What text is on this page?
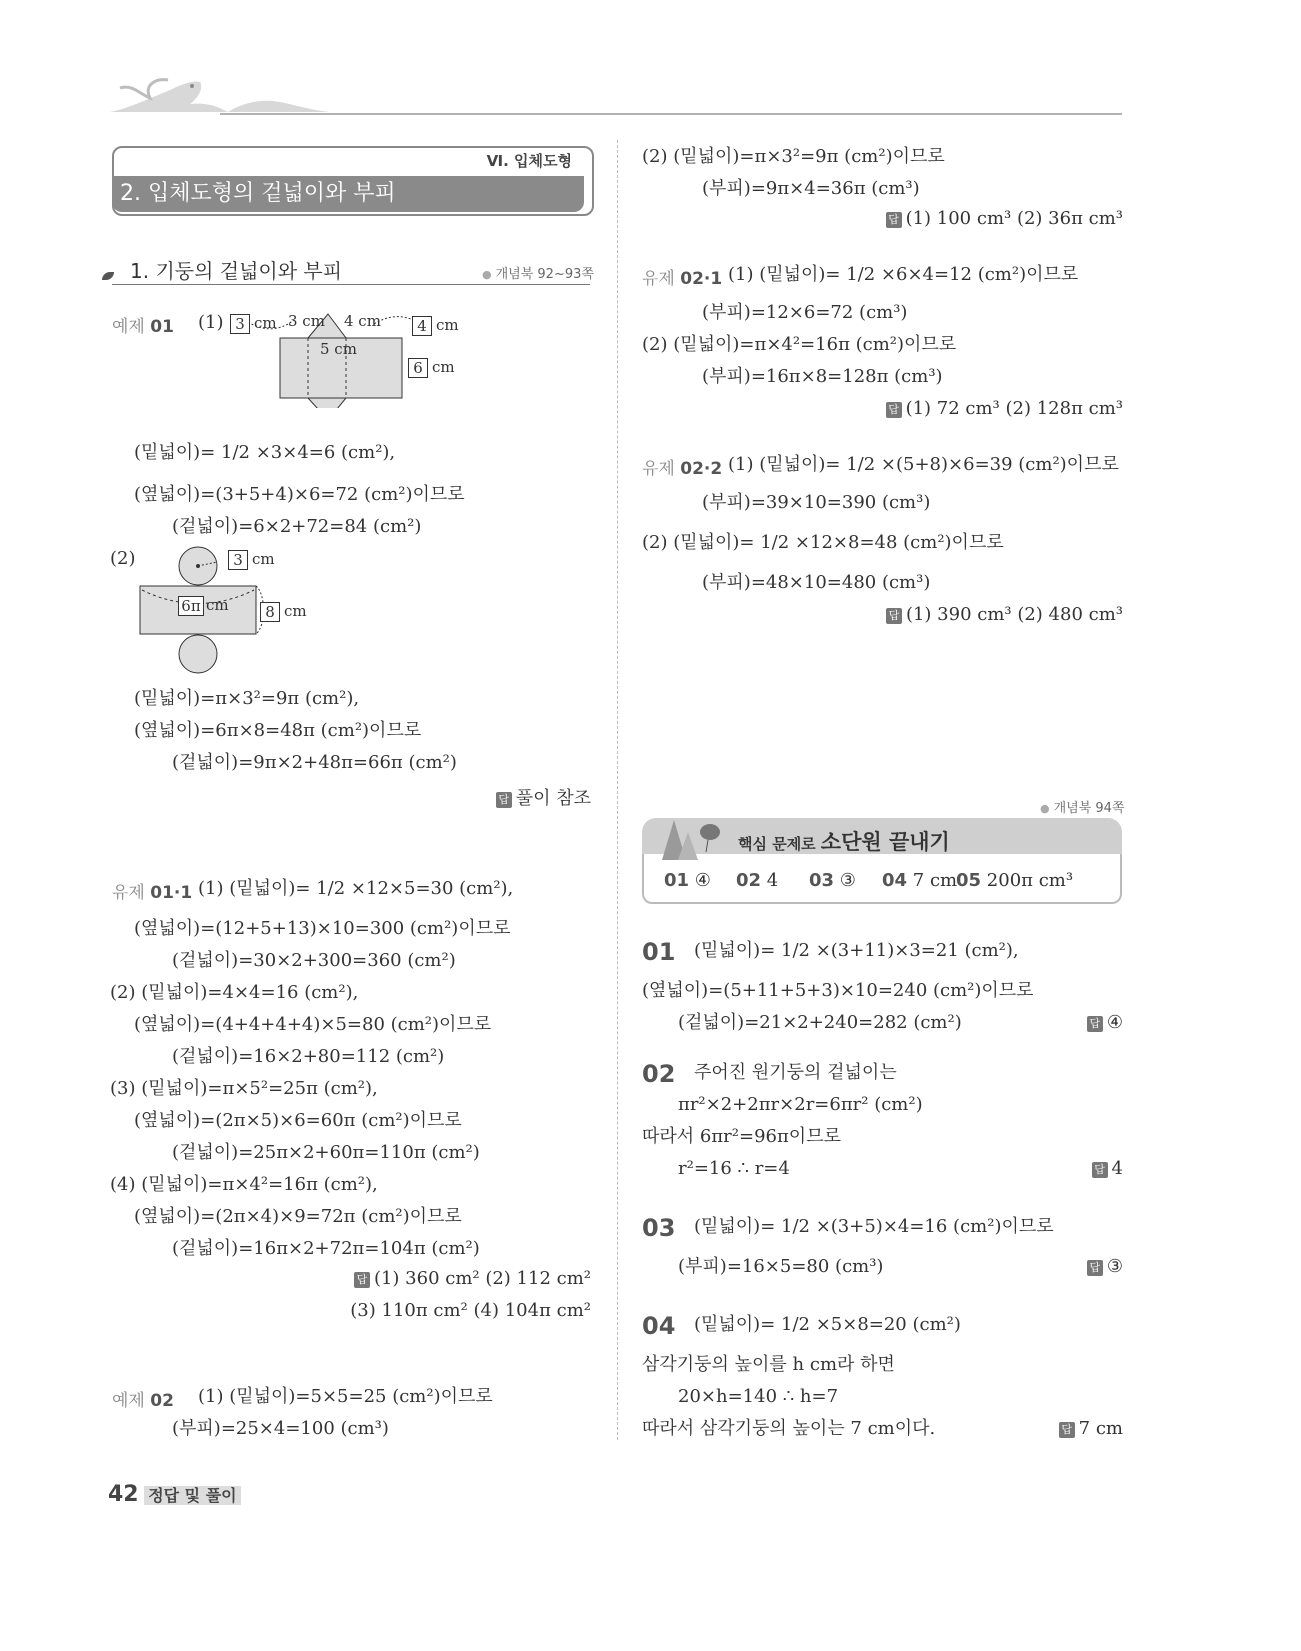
Ⅵ. 입체도형
2. 입체도형의 겉넓이와 부피
1. 기둥의 겉넓이와 부피
●	개념북 92~93쪽
예제 01 (1) 3 cm 3 cm 4 cm
5 cm
4 cm
6 cm
(밑넓이)= 1/2 ×3×4=6 (cm²),
(옆넓이)=(3+5+4)×6=72 (cm²)이므로
(겉넓이)=6×2+72=84 (cm²)
(2)	3 cm
6π cm	8 cm
(밑넓이)=π×3²=9π (cm²),
(옆넓이)=6π×8=48π (cm²)이므로
(겉넓이)=9π×2+48π=66π (cm²)
답 풀이 참조
유제 01·1 (1) (밑넓이)= 1/2 ×12×5=30 (cm²),
(옆넓이)=(12+5+13)×10=300 (cm²)이므로
(겉넓이)=30×2+300=360 (cm²)
(2) (밑넓이)=4×4=16 (cm²),
(옆넓이)=(4+4+4+4)×5=80 (cm²)이므로
(겉넓이)=16×2+80=112 (cm²)
(3) (밑넓이)=π×5²=25π (cm²),
(옆넓이)=(2π×5)×6=60π (cm²)이므로
(겉넓이)=25π×2+60π=110π (cm²)
(4) (밑넓이)=π×4²=16π (cm²),
(옆넓이)=(2π×4)×9=72π (cm²)이므로
(겉넓이)=16π×2+72π=104π (cm²)
답 (1) 360 cm² (2) 112 cm²
(3) 110π cm² (4) 104π cm²
예제 02 (1) (밑넓이)=5×5=25 (cm²)이므로
(부피)=25×4=100 (cm³)
(2) (밑넓이)=π×3²=9π (cm²)이므로
(부피)=9π×4=36π (cm³)
답 (1) 100 cm³ (2) 36π cm³
유제 02·1 (1) (밑넓이)= 1/2 ×6×4=12 (cm²)이므로
(부피)=12×6=72 (cm³)
(2) (밑넓이)=π×4²=16π (cm²)이므로
(부피)=16π×8=128π (cm³)
답 (1) 72 cm³ (2) 128π cm³
유제 02·2 (1) (밑넓이)= 1/2 ×(5+8)×6=39 (cm²)이므로
(부피)=39×10=390 (cm³)
(2) (밑넓이)= 1/2 ×12×8=48 (cm²)이므로
(부피)=48×10=480 (cm³)
답 (1) 390 cm³ (2) 480 cm³
● 개념북 94쪽
핵심 문제로 소단원 끝내기
01 ④ 02 4 03 ③ 04 7 cm
05 200π cm³
01 (밑넓이)= 1/2 ×(3+11)×3=21 (cm²),
(옆넓이)=(5+11+5+3)×10=240 (cm²)이므로
(겉넓이)=21×2+240=282 (cm²)	답 ④
02 주어진 원기둥의 겉넓이는
πr²×2+2πr×2r=6πr² (cm²)
따라서 6πr²=96π이므로
r²=16 ∴ r=4	답 4
03 (밑넓이)= 1/2 ×(3+5)×4=16 (cm²)이므로
(부피)=16×5=80 (cm³)	답 ③
04 (밑넓이)= 1/2 ×5×8=20 (cm²)
삼각기둥의 높이를 h cm라 하면
20×h=140 ∴ h=7
따라서 삼각기둥의 높이는 7 cm이다.	답 7 cm
42 정답 및 풀이
